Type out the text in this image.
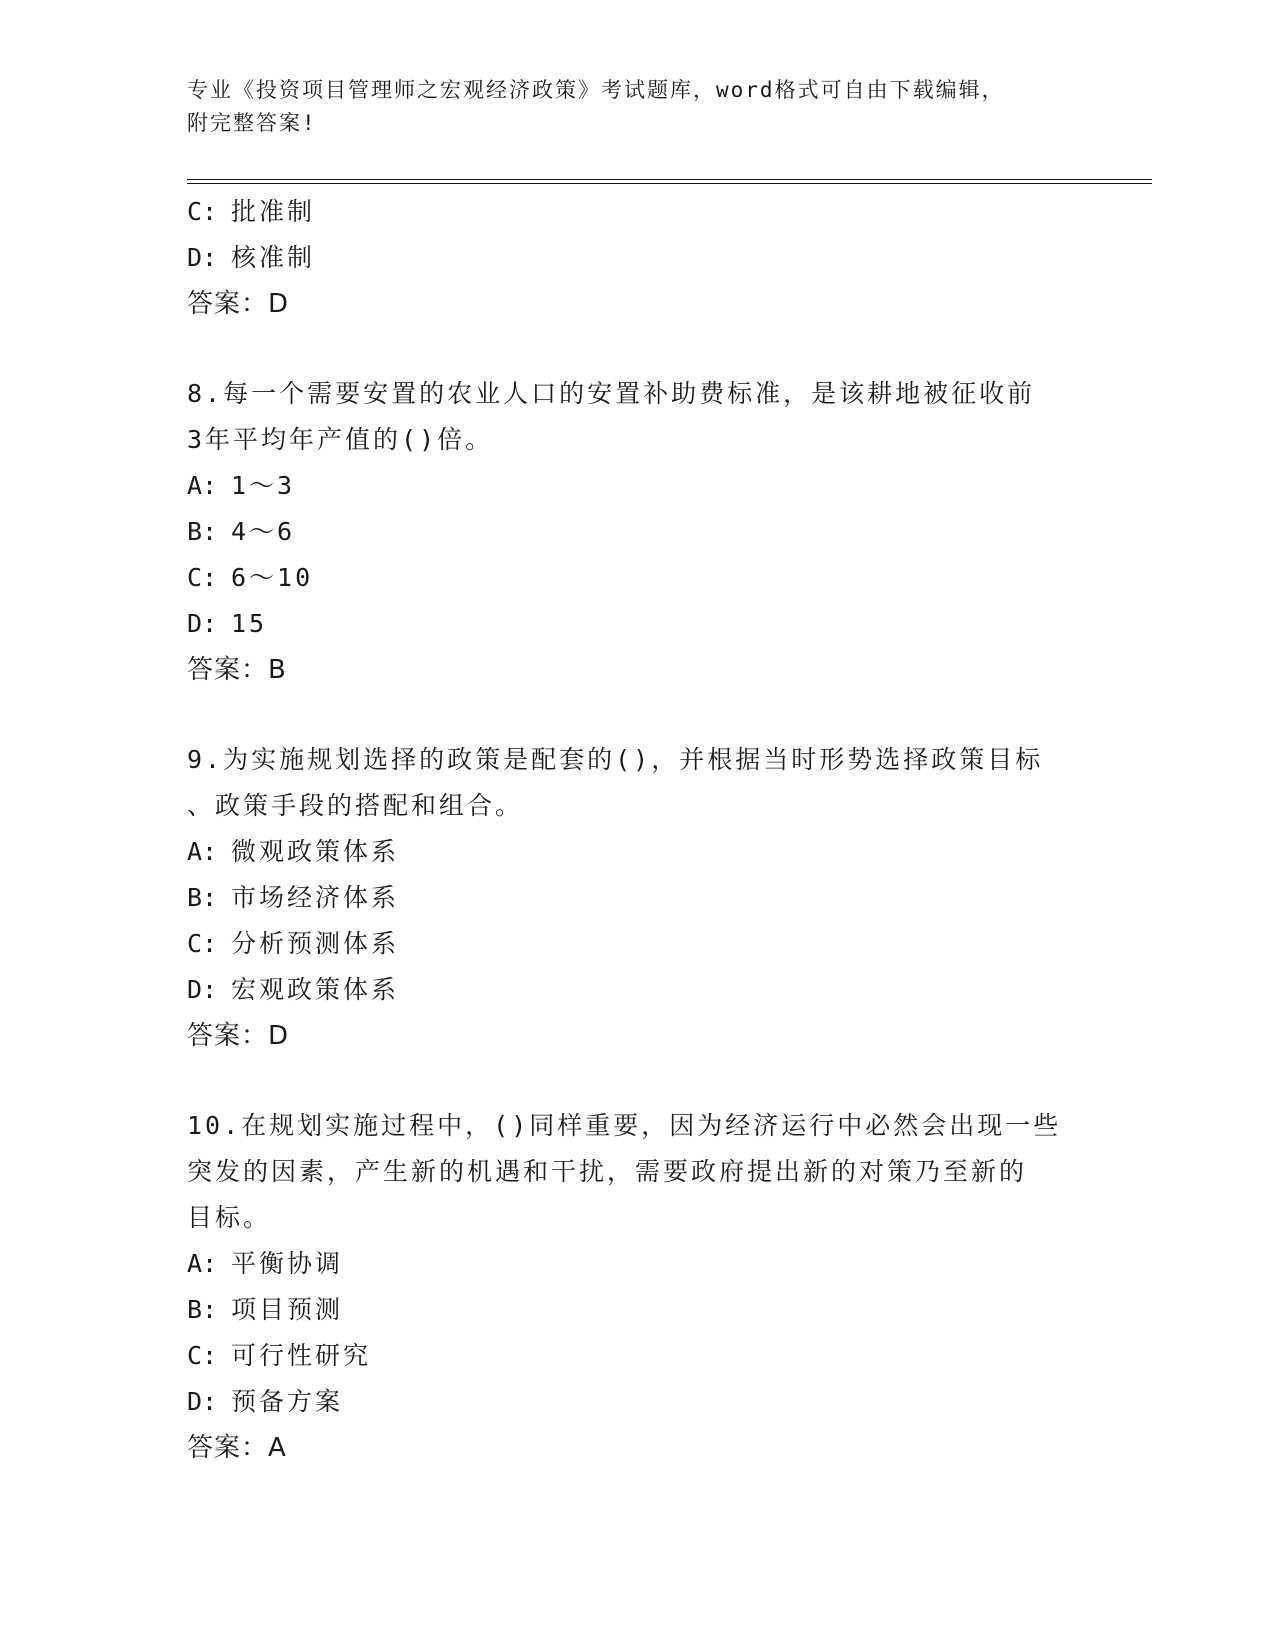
专业《投资项目管理师之宏观经济政策》考试题库，word格式可自由下载编辑，
附完整答案!
C: 批准制
D: 核准制
答案：D
8.每一个需要安置的农业人口的安置补助费标准，是该耕地被征收前
3年平均年产值的()倍。
A: 1～3
B: 4～6
C: 6～10
D: 15
答案：B
9.为实施规划选择的政策是配套的()，并根据当时形势选择政策目标
、政策手段的搭配和组合。
A: 微观政策体系
B: 市场经济体系
C: 分析预测体系
D: 宏观政策体系
答案：D
10.在规划实施过程中，()同样重要，因为经济运行中必然会出现一些
突发的因素，产生新的机遇和干扰，需要政府提出新的对策乃至新的
目标。
A: 平衡协调
B: 项目预测
C: 可行性研究
D: 预备方案
答案：A
